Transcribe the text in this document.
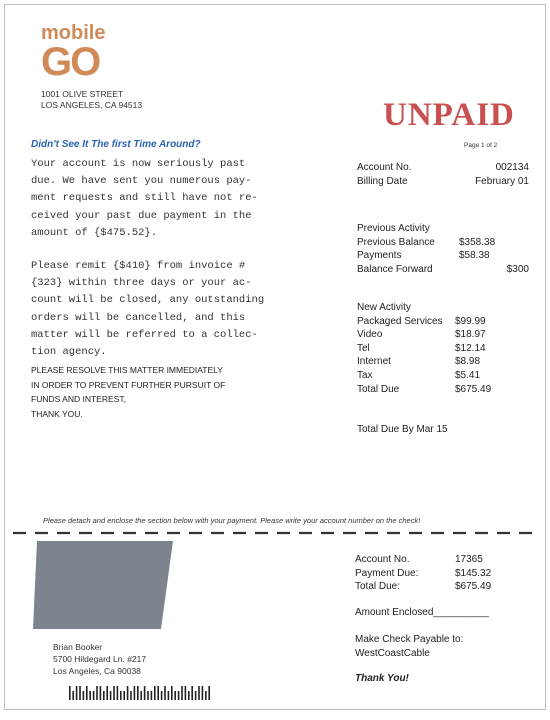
mobile
GO
1001 OLIVE STREET
LOS ANGELES, CA 94513	UNPAID
Page 1 of 2
Didn't See It The first Time Around?
Your account is now seriously past
due. We have sent you numerous pay-
ment requests and still have not re-
ceived your past due payment in the
amount of {$475.52}.
Please remit {$410} from invoice #
{323} within three days or your ac-
count will be closed, any outstanding
orders will be cancelled, and this
matter will be referred to a collec-
tion agency.
PLEASE RESOLVE THIS MATTER IMMEDIATELY
IN ORDER TO PREVENT FURTHER PURSUIT OF
FUNDS AND INTEREST,
THANK YOU.
Account No.	002134
Billing Date	February 01
Previous Activity
Previous Balance	$358.38
Payments	$58.38
Balance Forward	$300
New Activity
Packaged Services	$99.99
Video	$18.97
Tel	$12.14
Internet	$8.98
Tax	$5.41
Total Due	$675.49
Total Due By Mar 15
Please detach and enclose the section below with your payment. Please write your account number on the check!
Brian Booker
5700 Hildegard Ln. #217
Los Angeles, Ca 90038
Account No.	17365
Payment Due:	$145.32
Total Due:	$675.49
Amount Enclosed__________
Make Check Payable to:
WestCoastCable
Thank You!
